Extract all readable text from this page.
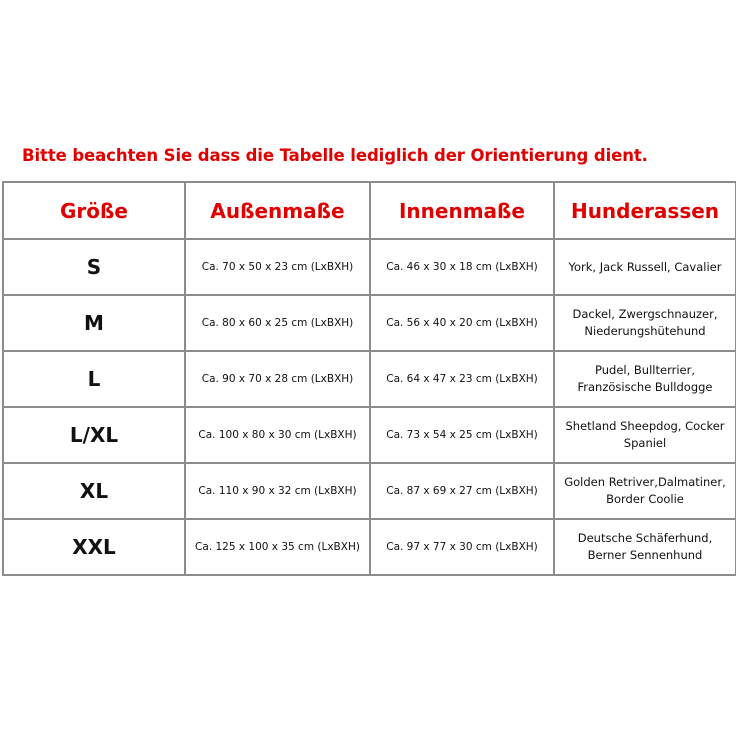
Bitte beachten Sie dass die Tabelle lediglich der Orientierung dient.
Größe	Außenmaße	Innenmaße	Hunderassen
S	Ca. 70 x 50 x 23 cm (LxBXH)	Ca. 46 x 30 x 18 cm (LxBXH)	York, Jack Russell, Cavalier
M	Ca. 80 x 60 x 25 cm (LxBXH)	Ca. 56 x 40 x 20 cm (LxBXH)	Dackel, Zwergschnauzer, Niederungshütehund
L	Ca. 90 x 70 x 28 cm (LxBXH)	Ca. 64 x 47 x 23 cm (LxBXH)	Pudel, Bullterrier, Französische Bulldogge
L/XL	Ca. 100 x 80 x 30 cm (LxBXH)	Ca. 73 x 54 x 25 cm (LxBXH)	Shetland Sheepdog, Cocker Spaniel
XL	Ca. 110 x 90 x 32 cm (LxBXH)	Ca. 87 x 69 x 27 cm (LxBXH)	Golden Retriver,Dalmatiner, Border Coolie
XXL	Ca. 125 x 100 x 35 cm (LxBXH)	Ca. 97 x 77 x 30 cm (LxBXH)	Deutsche Schäferhund, Berner Sennenhund
